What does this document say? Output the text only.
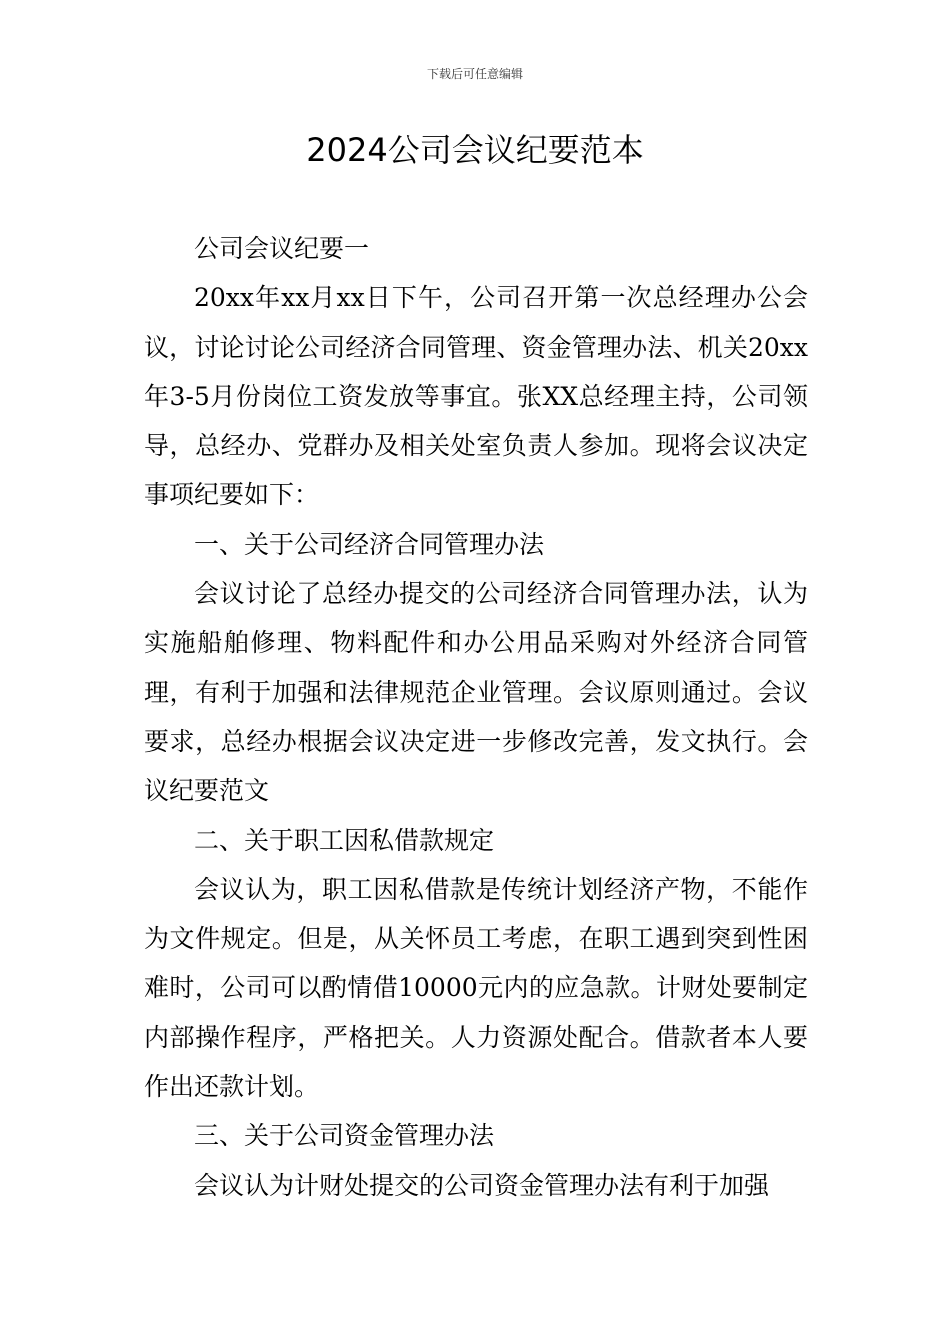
下载后可任意编辑
2024公司会议纪要范本

公司会议纪要一

20xx年xx月xx日下午，公司召开第一次总经理办公会议，讨论讨论公司经济合同管理、资金管理办法、机关20xx年3-5月份岗位工资发放等事宜。张XX总经理主持，公司领导，总经办、党群办及相关处室负责人参加。现将会议决定事项纪要如下：

一、关于公司经济合同管理办法

会议讨论了总经办提交的公司经济合同管理办法，认为实施船舶修理、物料配件和办公用品采购对外经济合同管理，有利于加强和法律规范企业管理。会议原则通过。会议要求，总经办根据会议决定进一步修改完善，发文执行。会议纪要范文

二、关于职工因私借款规定

会议认为，职工因私借款是传统计划经济产物，不能作为文件规定。但是，从关怀员工考虑，在职工遇到突到性困难时，公司可以酌情借10000元内的应急款。计财处要制定内部操作程序，严格把关。人力资源处配合。借款者本人要作出还款计划。

三、关于公司资金管理办法

会议认为计财处提交的公司资金管理办法有利于加强
